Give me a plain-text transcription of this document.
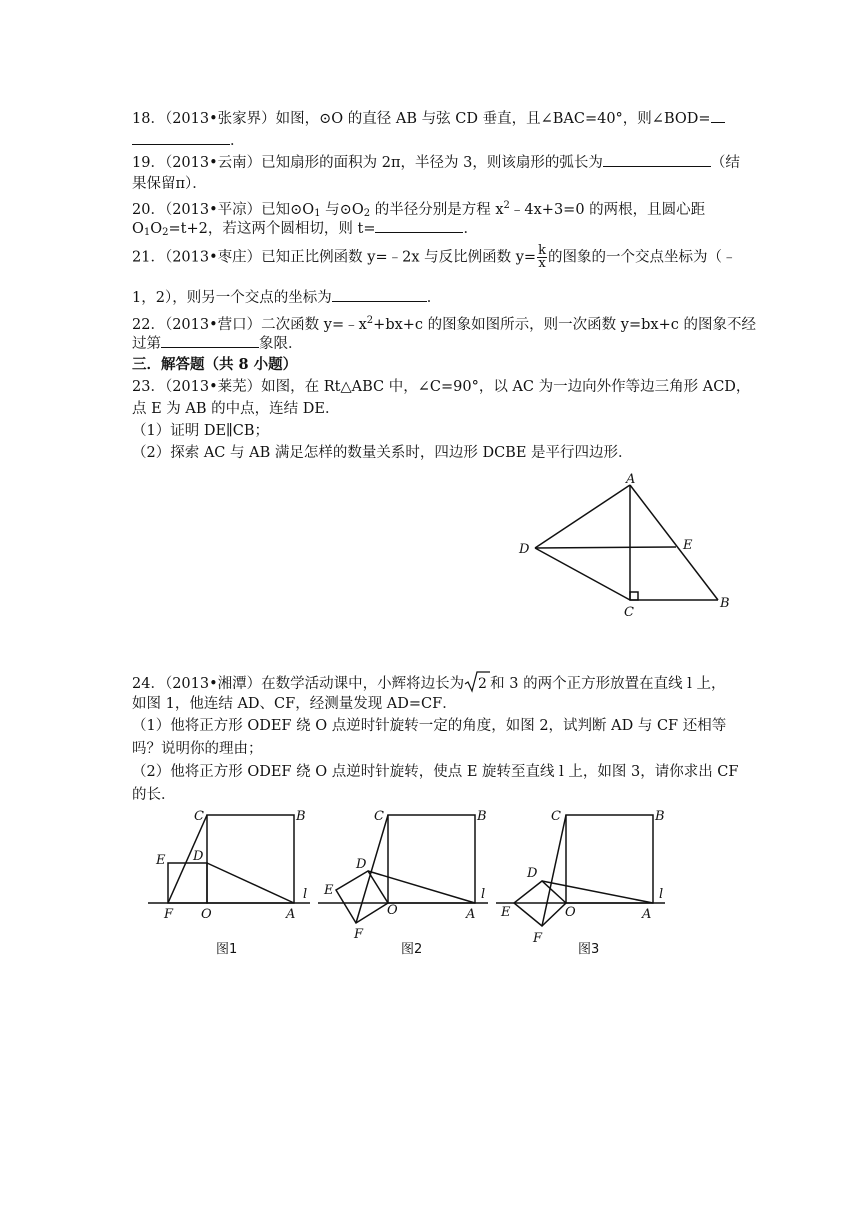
18．（2013•张家界）如图，⊙O 的直径 AB 与弦 CD 垂直，且∠BAC=40°，则∠BOD=
．
19．（2013•云南）已知扇形的面积为 2π，半径为 3，则该扇形的弧长为	（结
果保留π）．
20．（2013•平凉）已知$⊙O_1$ 与$⊙O_2$ 的半径分别是方程 $x^2﹣4x+3=0$ 的两根，且圆心距
$O_1O_2=t+2$，若这两个圆相切，则 t=	．
21．（2013•枣庄）已知正比例函数 y=﹣2x 与反比例函数 $y= \frac{k}{x}$ 的图象的一个交点坐标为（﹣
1，2），则另一个交点的坐标为	．
22．（2013•营口）二次函数 $y=﹣x^2+bx+c$ 的图象如图所示，则一次函数 y=bx+c 的图象不经
过第	象限．
三．解答题（共 8 小题）
23．（2013•莱芜）如图，在 Rt△ABC 中，∠C=90°，以 AC 为一边向外作等边三角形 ACD，
点 E 为 AB 的中点，连结 DE．
（1）证明 DE∥CB；
（2）探索 AC 与 AB 满足怎样的数量关系时，四边形 DCBE 是平行四边形．
A
B
C
D	E
24．（2013•湘潭）在数学活动课中，小辉将边长为 2 和 3 的两个正方形放置在直线 l 上，
如图 1，他连结 AD、CF，经测量发现 AD=CF．
（1）他将正方形 ODEF 绕 O 点逆时针旋转一定的角度，如图 2，试判断 AD 与 CF 还相等
吗？说明你的理由；
（2）他将正方形 ODEF 绕 O 点逆时针旋转，使点 E 旋转至直线 l 上，如图 3，请你求出 CF
的长．
C	B
E D
F O	A
l
图1
C	B
D
E
O
F
A
l
图2
C	B
D
E	O
F
A
l
图3
